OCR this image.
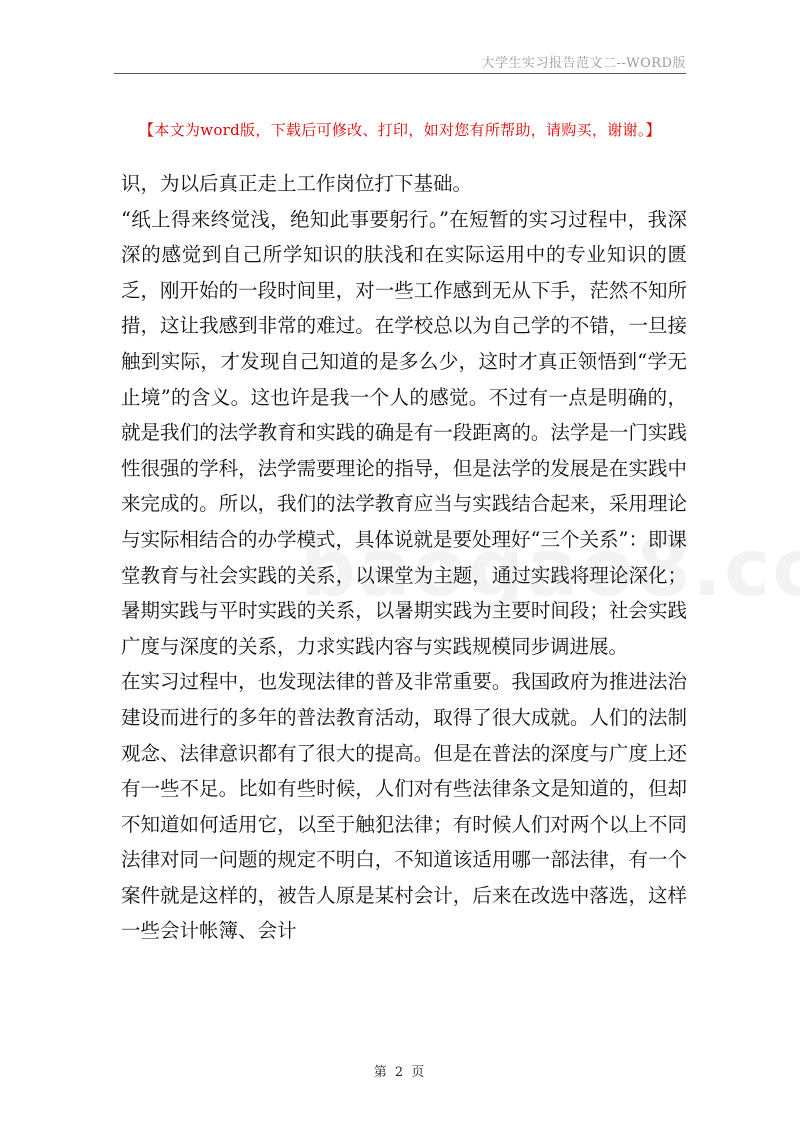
大学生实习报告范文二--WORD版
【本文为word版，下载后可修改、打印，如对您有所帮助，请购买，谢谢。】

识，为以后真正走上工作岗位打下基础。

“纸上得来终觉浅，绝知此事要躬行。”在短暂的实习过程中，我深深的感觉到自己所学知识的肤浅和在实际运用中的专业知识的匮乏，刚开始的一段时间里，对一些工作感到无从下手，茫然不知所措，这让我感到非常的难过。在学校总以为自己学的不错，一旦接触到实际，才发现自己知道的是多么少，这时才真正领悟到“学无止境”的含义。这也许是我一个人的感觉。不过有一点是明确的，就是我们的法学教育和实践的确是有一段距离的。法学是一门实践性很强的学科，法学需要理论的指导，但是法学的发展是在实践中来完成的。所以，我们的法学教育应当与实践结合起来，采用理论与实际相结合的办学模式，具体说就是要处理好“三个关系”：即课堂教育与社会实践的关系，以课堂为主题，通过实践将理论深化；暑期实践与平时实践的关系，以暑期实践为主要时间段；社会实践广度与深度的关系，力求实践内容与实践规模同步调进展。

在实习过程中，也发现法律的普及非常重要。我国政府为推进法治建设而进行的多年的普法教育活动，取得了很大成就。人们的法制观念、法律意识都有了很大的提高。但是在普法的深度与广度上还有一些不足。比如有些时候，人们对有些法律条文是知道的，但却不知道如何适用它，以至于触犯法律；有时候人们对两个以上不同法律对同一问题的规定不明白，不知道该适用哪一部法律，有一个案件就是这样的，被告人原是某村会计，后来在改选中落选，这样一些会计帐簿、会计

第 2 页
